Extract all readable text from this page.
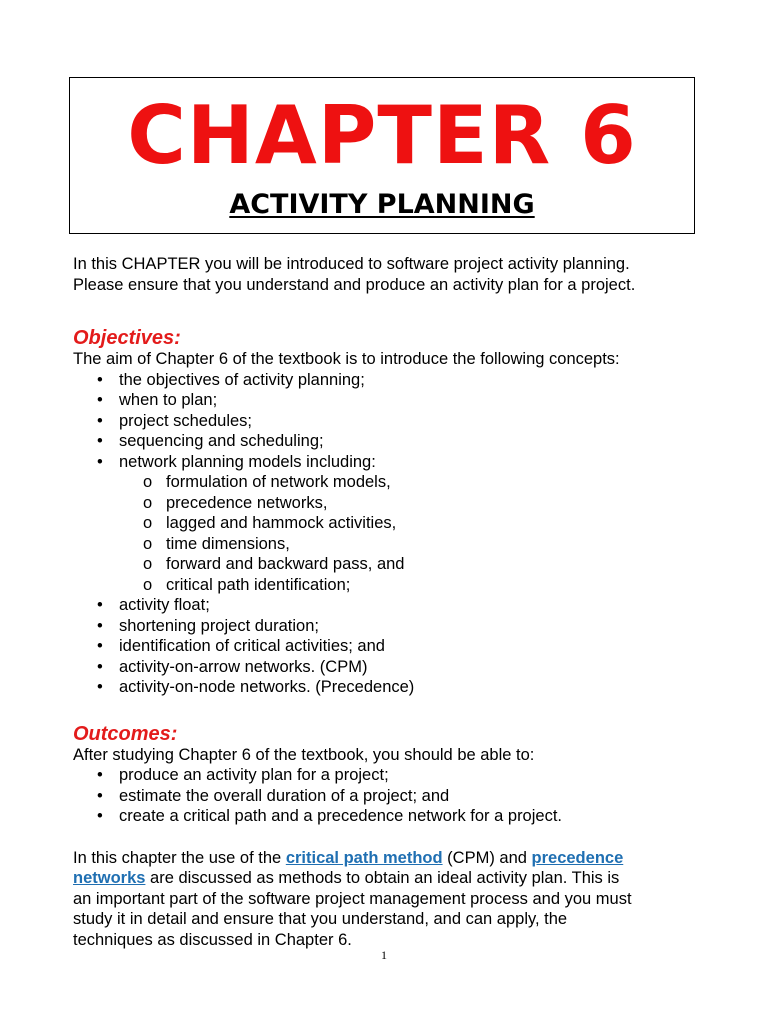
CHAPTER 6
ACTIVITY PLANNING

In this CHAPTER you will be introduced to software project activity planning.

Please ensure that you understand and produce an activity plan for a project.

Objectives:

The aim of Chapter 6 of the textbook is to introduce the following concepts:

• the objectives of activity planning;
• when to plan;
• project schedules;
• sequencing and scheduling;
• network planning models including:
o formulation of network models,
o precedence networks,
o lagged and hammock activities,
o time dimensions,
o forward and backward pass, and
o critical path identification;
• activity float;
• shortening project duration;
• identification of critical activities; and
• activity-on-arrow networks. (CPM)
• activity-on-node networks. (Precedence)

Outcomes:

After studying Chapter 6 of the textbook, you should be able to:

• produce an activity plan for a project;
• estimate the overall duration of a project; and
• create a critical path and a precedence network for a project.

In this chapter the use of the critical path method (CPM) and precedence

networks are discussed as methods to obtain an ideal activity plan. This is

an important part of the software project management process and you must

study it in detail and ensure that you understand, and can apply, the

techniques as discussed in Chapter 6.

1
